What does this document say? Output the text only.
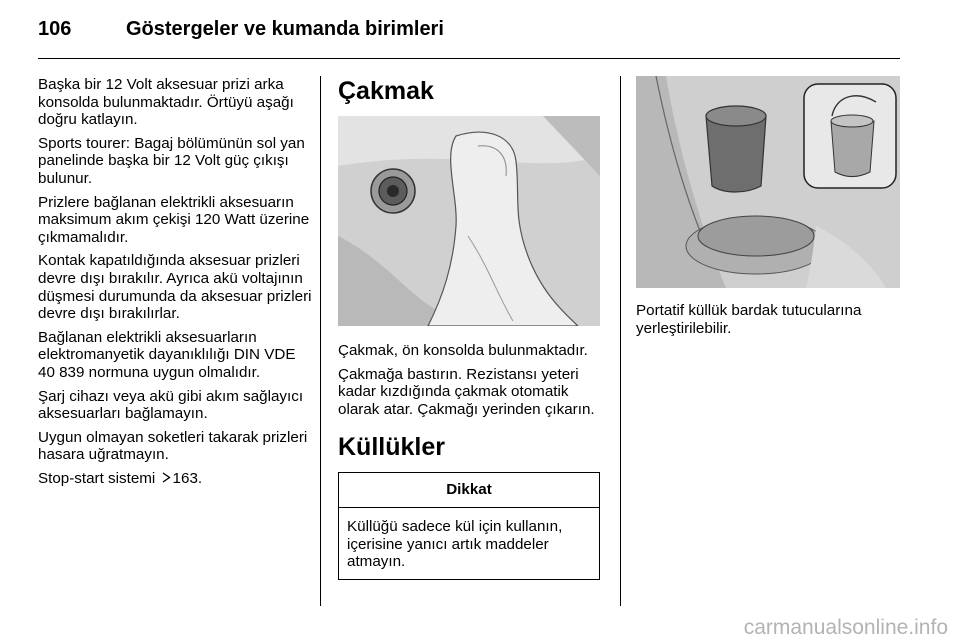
106	Göstergeler ve kumanda birimleri

Başka bir 12 Volt aksesuar prizi arka konsolda bulunmaktadır. Örtüyü aşağı doğru katlayın.

Sports tourer: Bagaj bölümünün sol yan panelinde başka bir 12 Volt güç çıkışı bulunur.

Prizlere bağlanan elektrikli aksesuarın maksimum akım çekişi 120 Watt üzerine çıkmamalıdır.

Kontak kapatıldığında aksesuar prizleri devre dışı bırakılır. Ayrıca akü voltajının düşmesi durumunda da aksesuar prizleri devre dışı bırakılırlar.

Bağlanan elektrikli aksesuarların elektromanyetik dayanıklılığı DIN VDE 40 839 normuna uygun olmalıdır.

Şarj cihazı veya akü gibi akım sağlayıcı aksesuarları bağlamayın.

Uygun olmayan soketleri takarak prizleri hasara uğratmayın.

Stop-start sistemi 163.

Çakmak

Çakmak, ön konsolda bulunmaktadır.

Çakmağa bastırın. Rezistansı yeteri kadar kızdığında çakmak otomatik olarak atar. Çakmağı yerinden çıkarın.

Küllükler
Dikkat
Küllüğü sadece kül için kullanın, içerisine yanıcı artık maddeler atmayın.

Portatif küllük bardak tutucularına yerleştirilebilir.

carmanualsonline.info
